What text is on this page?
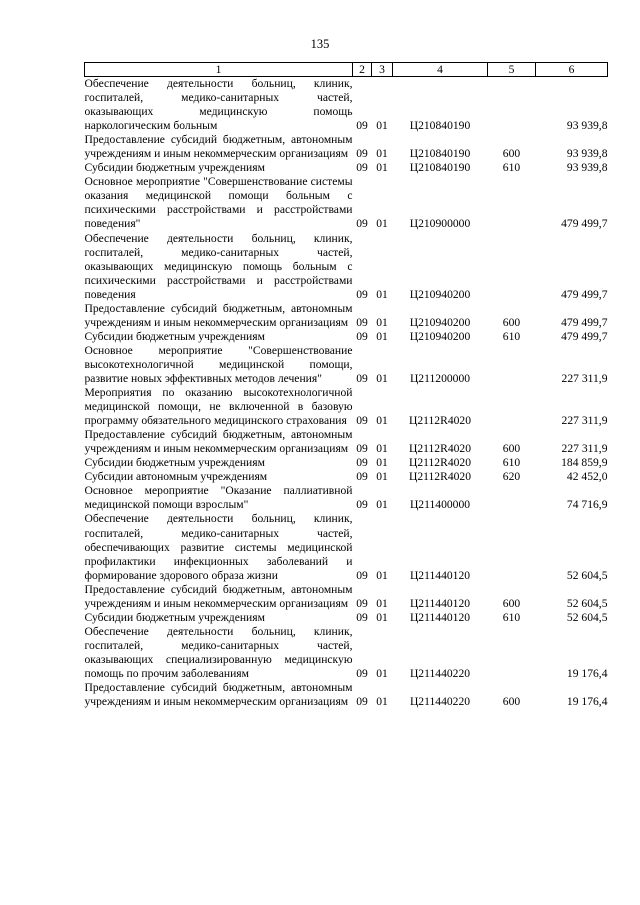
135
1	2	3	4	5	6
Обеспечение деятельности больниц, клиник, госпиталей, медико-санитарных частей, оказывающих медицинскую помощь наркологическим больным	09	01	Ц210840190		93 939,8
Предоставление субсидий бюджетным, автономным учреждениям и иным некоммерческим организациям	09	01	Ц210840190	600	93 939,8
Субсидии бюджетным учреждениям	09	01	Ц210840190	610	93 939,8
Основное мероприятие "Совершенствование системы оказания медицинской помощи больным с психическими расстройствами и расстройствами поведения"	09	01	Ц210900000		479 499,7
Обеспечение деятельности больниц, клиник, госпиталей, медико-санитарных частей, оказывающих медицинскую помощь больным с психическими расстройствами и расстройствами поведения	09	01	Ц210940200		479 499,7
Предоставление субсидий бюджетным, автономным учреждениям и иным некоммерческим организациям	09	01	Ц210940200	600	479 499,7
Субсидии бюджетным учреждениям	09	01	Ц210940200	610	479 499,7
Основное мероприятие "Совершенствование высокотехнологичной медицинской помощи, развитие новых эффективных методов лечения"	09	01	Ц211200000		227 311,9
Мероприятия по оказанию высокотехнологичной медицинской помощи, не включенной в базовую программу обязательного медицинского страхования	09	01	Ц2112R4020		227 311,9
Предоставление субсидий бюджетным, автономным учреждениям и иным некоммерческим организациям	09	01	Ц2112R4020	600	227 311,9
Субсидии бюджетным учреждениям	09	01	Ц2112R4020	610	184 859,9
Субсидии автономным учреждениям	09	01	Ц2112R4020	620	42 452,0
Основное мероприятие "Оказание паллиативной медицинской помощи взрослым"	09	01	Ц211400000		74 716,9
Обеспечение деятельности больниц, клиник, госпиталей, медико-санитарных частей, обеспечивающих развитие системы медицинской профилактики инфекционных заболеваний и формирование здорового образа жизни	09	01	Ц211440120		52 604,5
Предоставление субсидий бюджетным, автономным учреждениям и иным некоммерческим организациям	09	01	Ц211440120	600	52 604,5
Субсидии бюджетным учреждениям	09	01	Ц211440120	610	52 604,5
Обеспечение деятельности больниц, клиник, госпиталей, медико-санитарных частей, оказывающих специализированную медицинскую помощь по прочим заболеваниям	09	01	Ц211440220		19 176,4
Предоставление субсидий бюджетным, автономным учреждениям и иным некоммерческим организациям	09	01	Ц211440220	600	19 176,4
